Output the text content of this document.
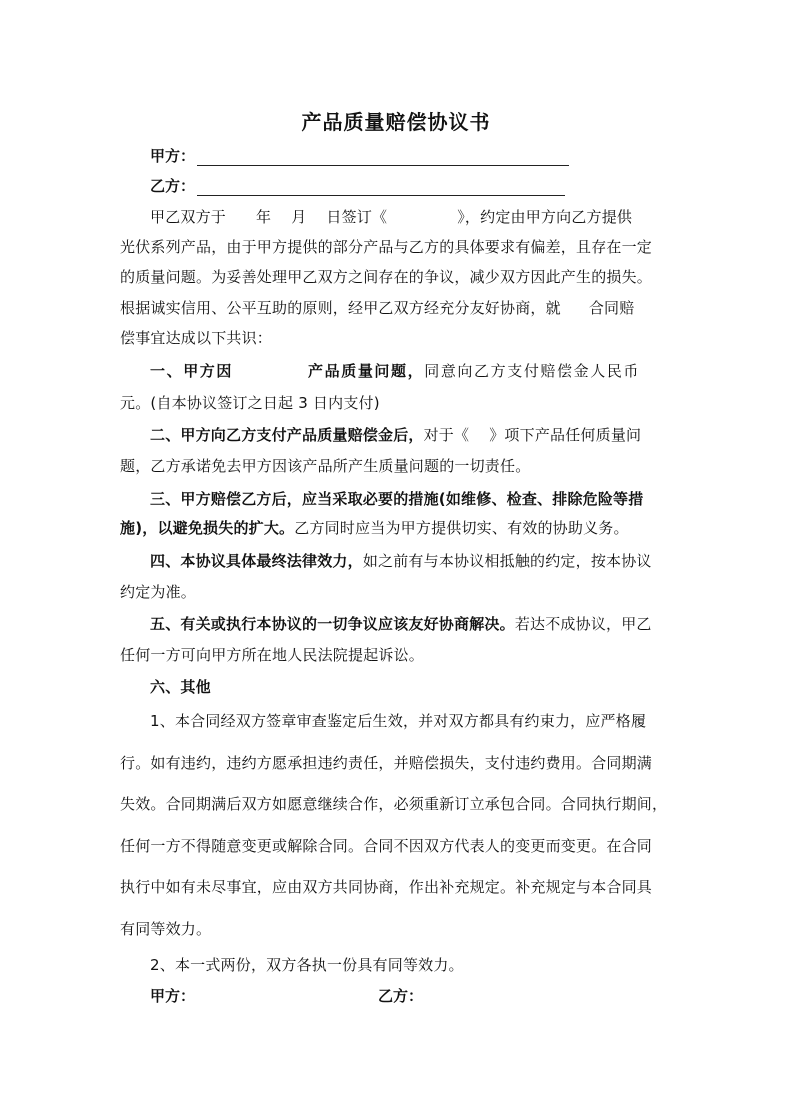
产品质量赔偿协议书
甲方：
乙方：
甲乙双方于 年 月 日签订《	》，约定由甲方向乙方提供
光伏系列产品，由于甲方提供的部分产品与乙方的具体要求有偏差，且存在一定
的质量问题。为妥善处理甲乙双方之间存在的争议，减少双方因此产生的损失。
根据诚实信用、公平互助的原则，经甲乙双方经充分友好协商，就 合同赔
偿事宜达成以下共识：
一、甲方因	产品质量问题，同意向乙方支付赔偿金人民币
元。(自本协议签订之日起 3 日内支付)
二、甲方向乙方支付产品质量赔偿金后，对于《 》项下产品任何质量问
题，乙方承诺免去甲方因该产品所产生质量问题的一切责任。
三、甲方赔偿乙方后，应当采取必要的措施(如维修、检查、排除危险等措
施)，以避免损失的扩大。乙方同时应当为甲方提供切实、有效的协助义务。
四、本协议具体最终法律效力，如之前有与本协议相抵触的约定，按本协议
约定为准。
五、有关或执行本协议的一切争议应该友好协商解决。若达不成协议，甲乙
任何一方可向甲方所在地人民法院提起诉讼。
六、其他
1、本合同经双方签章审查鉴定后生效，并对双方都具有约束力，应严格履
行。如有违约，违约方愿承担违约责任，并赔偿损失，支付违约费用。合同期满
失效。合同期满后双方如愿意继续合作，必须重新订立承包合同。合同执行期间，
任何一方不得随意变更或解除合同。合同不因双方代表人的变更而变更。在合同
执行中如有未尽事宜，应由双方共同协商，作出补充规定。补充规定与本合同具
有同等效力。
2、本一式两份，双方各执一份具有同等效力。
甲方：	乙方：
